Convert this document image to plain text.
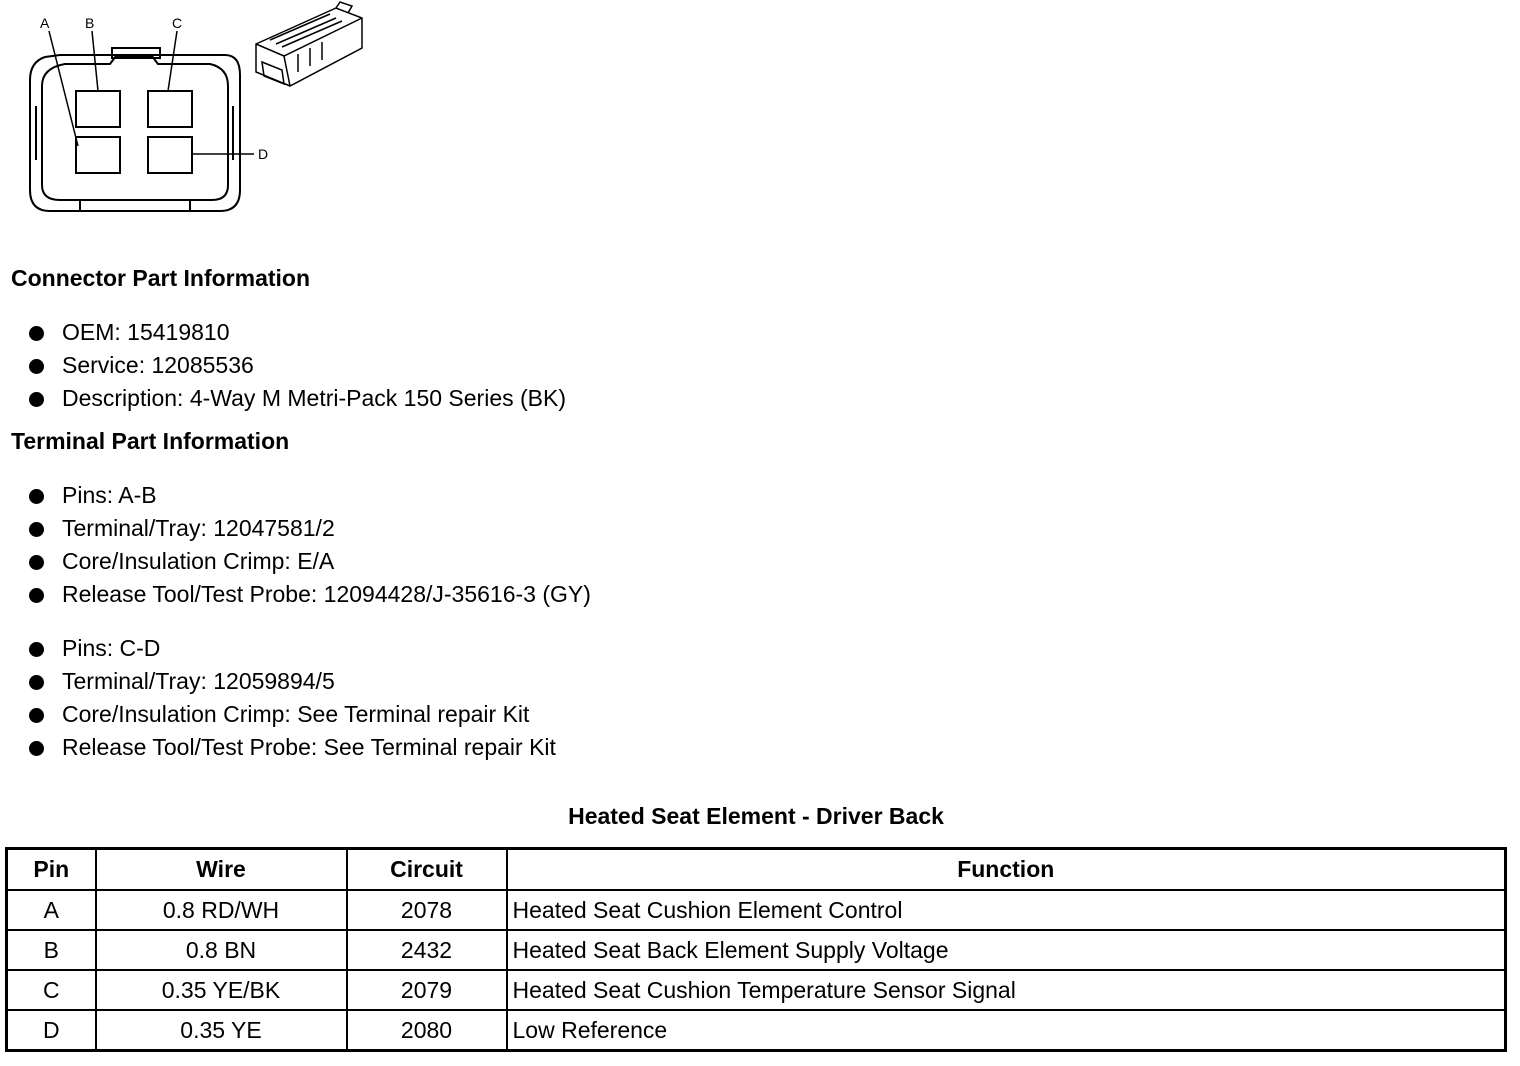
A	B	C
D
Connector Part Information
OEM: 15419810
Service: 12085536
Description: 4-Way M Metri-Pack 150 Series (BK)
Terminal Part Information
Pins: A-B
Terminal/Tray: 12047581/2
Core/Insulation Crimp: E/A
Release Tool/Test Probe: 12094428/J-35616-3 (GY)
Pins: C-D
Terminal/Tray: 12059894/5
Core/Insulation Crimp: See Terminal repair Kit
Release Tool/Test Probe: See Terminal repair Kit
Heated Seat Element - Driver Back
Pin	Wire	Circuit	Function
A	0.8 RD/WH	2078	Heated Seat Cushion Element Control
B	0.8 BN	2432	Heated Seat Back Element Supply Voltage
C	0.35 YE/BK	2079	Heated Seat Cushion Temperature Sensor Signal
D	0.35 YE	2080	Low Reference
